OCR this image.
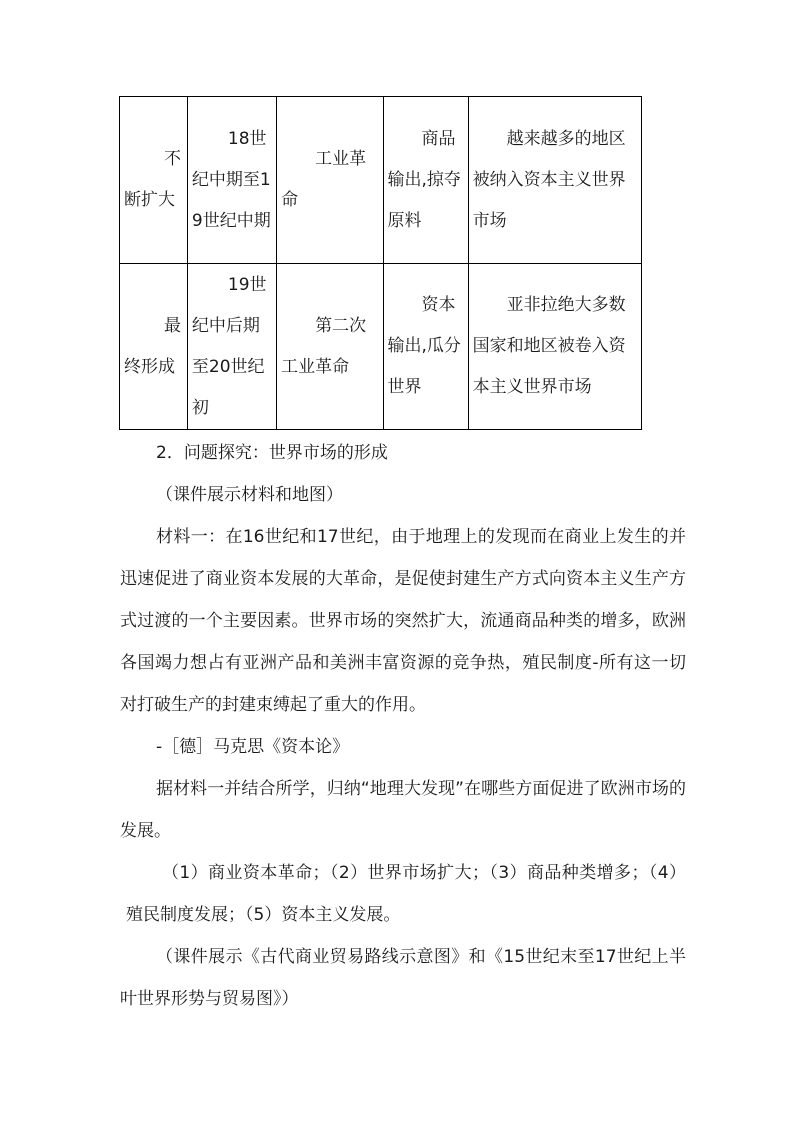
不断扩大	18世纪中期至19世纪中期	工业革命	商品输出,掠夺原料	越来越多的地区被纳入资本主义世界市场
最终形成	19世纪中后期至20世纪初	第二次工业革命	资本输出,瓜分世界	亚非拉绝大多数国家和地区被卷入资本主义世界市场
2．问题探究：世界市场的形成
（课件展示材料和地图）
材料一：在16世纪和17世纪，由于地理上的发现而在商业上发生的并迅速促进了商业资本发展的大革命，是促使封建生产方式向资本主义生产方式过渡的一个主要因素。世界市场的突然扩大，流通商品种类的增多，欧洲各国竭力想占有亚洲产品和美洲丰富资源的竞争热，殖民制度-所有这一切对打破生产的封建束缚起了重大的作用。
-［德］马克思《资本论》
据材料一并结合所学，归纳“地理大发现”在哪些方面促进了欧洲市场的发展。
（1）商业资本革命；（2）世界市场扩大；（3）商品种类增多；（4）殖民制度发展；（5）资本主义发展。
（课件展示《古代商业贸易路线示意图》和《15世纪末至17世纪上半叶世界形势与贸易图》）
